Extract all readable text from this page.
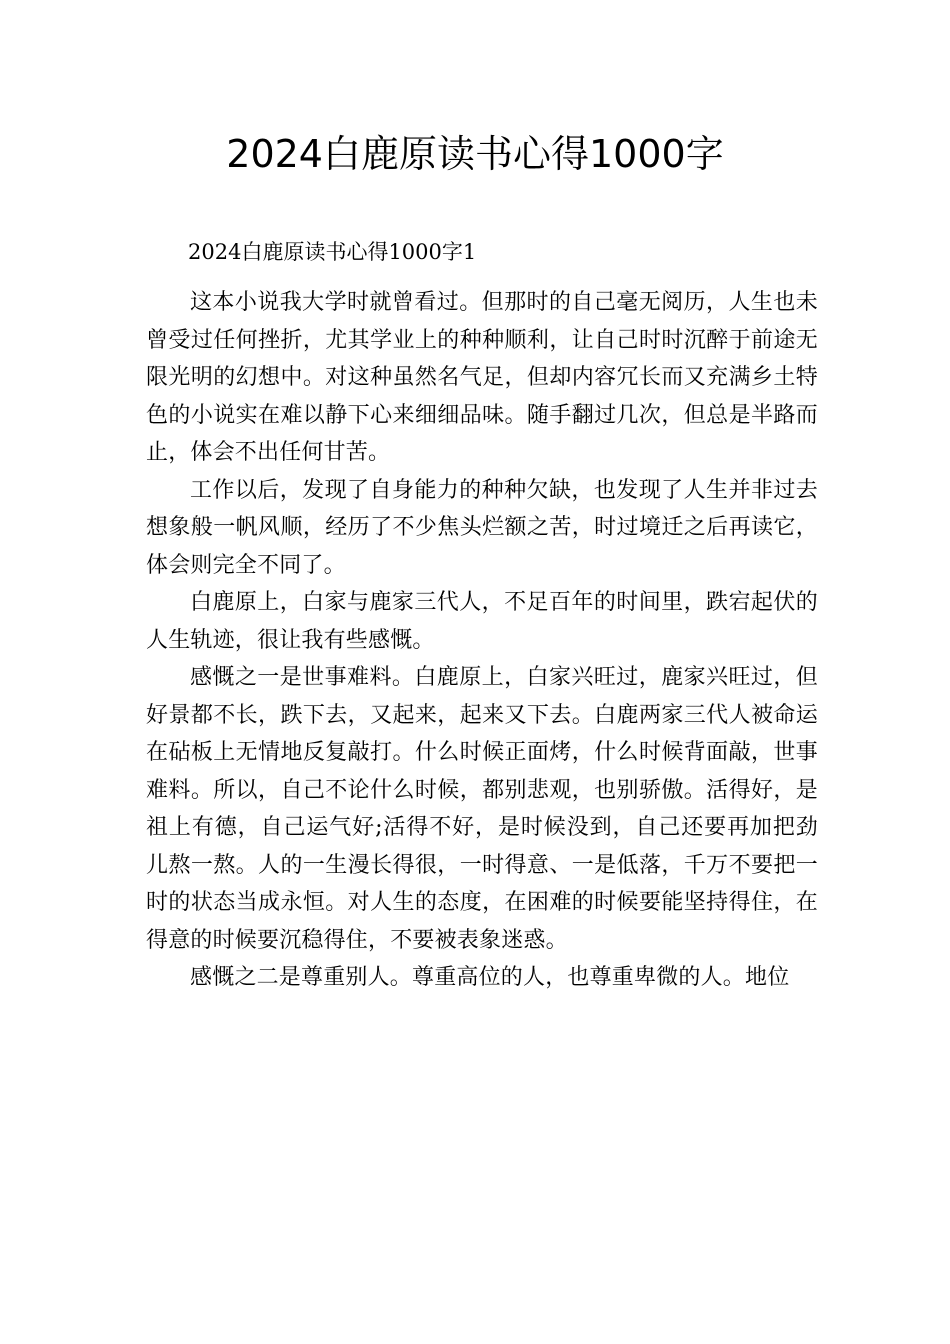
2024白鹿原读书心得1000字

2024白鹿原读书心得1000字1

这本小说我大学时就曾看过。但那时的自己毫无阅历，人生也未曾受过任何挫折，尤其学业上的种种顺利，让自己时时沉醉于前途无限光明的幻想中。对这种虽然名气足，但却内容冗长而又充满乡土特色的小说实在难以静下心来细细品味。随手翻过几次，但总是半路而止，体会不出任何甘苦。

工作以后，发现了自身能力的种种欠缺，也发现了人生并非过去想象般一帆风顺，经历了不少焦头烂额之苦，时过境迁之后再读它，体会则完全不同了。

白鹿原上，白家与鹿家三代人，不足百年的时间里，跌宕起伏的人生轨迹，很让我有些感慨。

感慨之一是世事难料。白鹿原上，白家兴旺过，鹿家兴旺过，但好景都不长，跌下去，又起来，起来又下去。白鹿两家三代人被命运在砧板上无情地反复敲打。什么时候正面烤，什么时候背面敲，世事难料。所以，自己不论什么时候，都别悲观，也别骄傲。活得好，是祖上有德，自己运气好;活得不好，是时候没到，自己还要再加把劲儿熬一熬。人的一生漫长得很，一时得意、一是低落，千万不要把一时的状态当成永恒。对人生的态度，在困难的时候要能坚持得住，在得意的时候要沉稳得住，不要被表象迷惑。

感慨之二是尊重别人。尊重高位的人，也尊重卑微的人。地位
